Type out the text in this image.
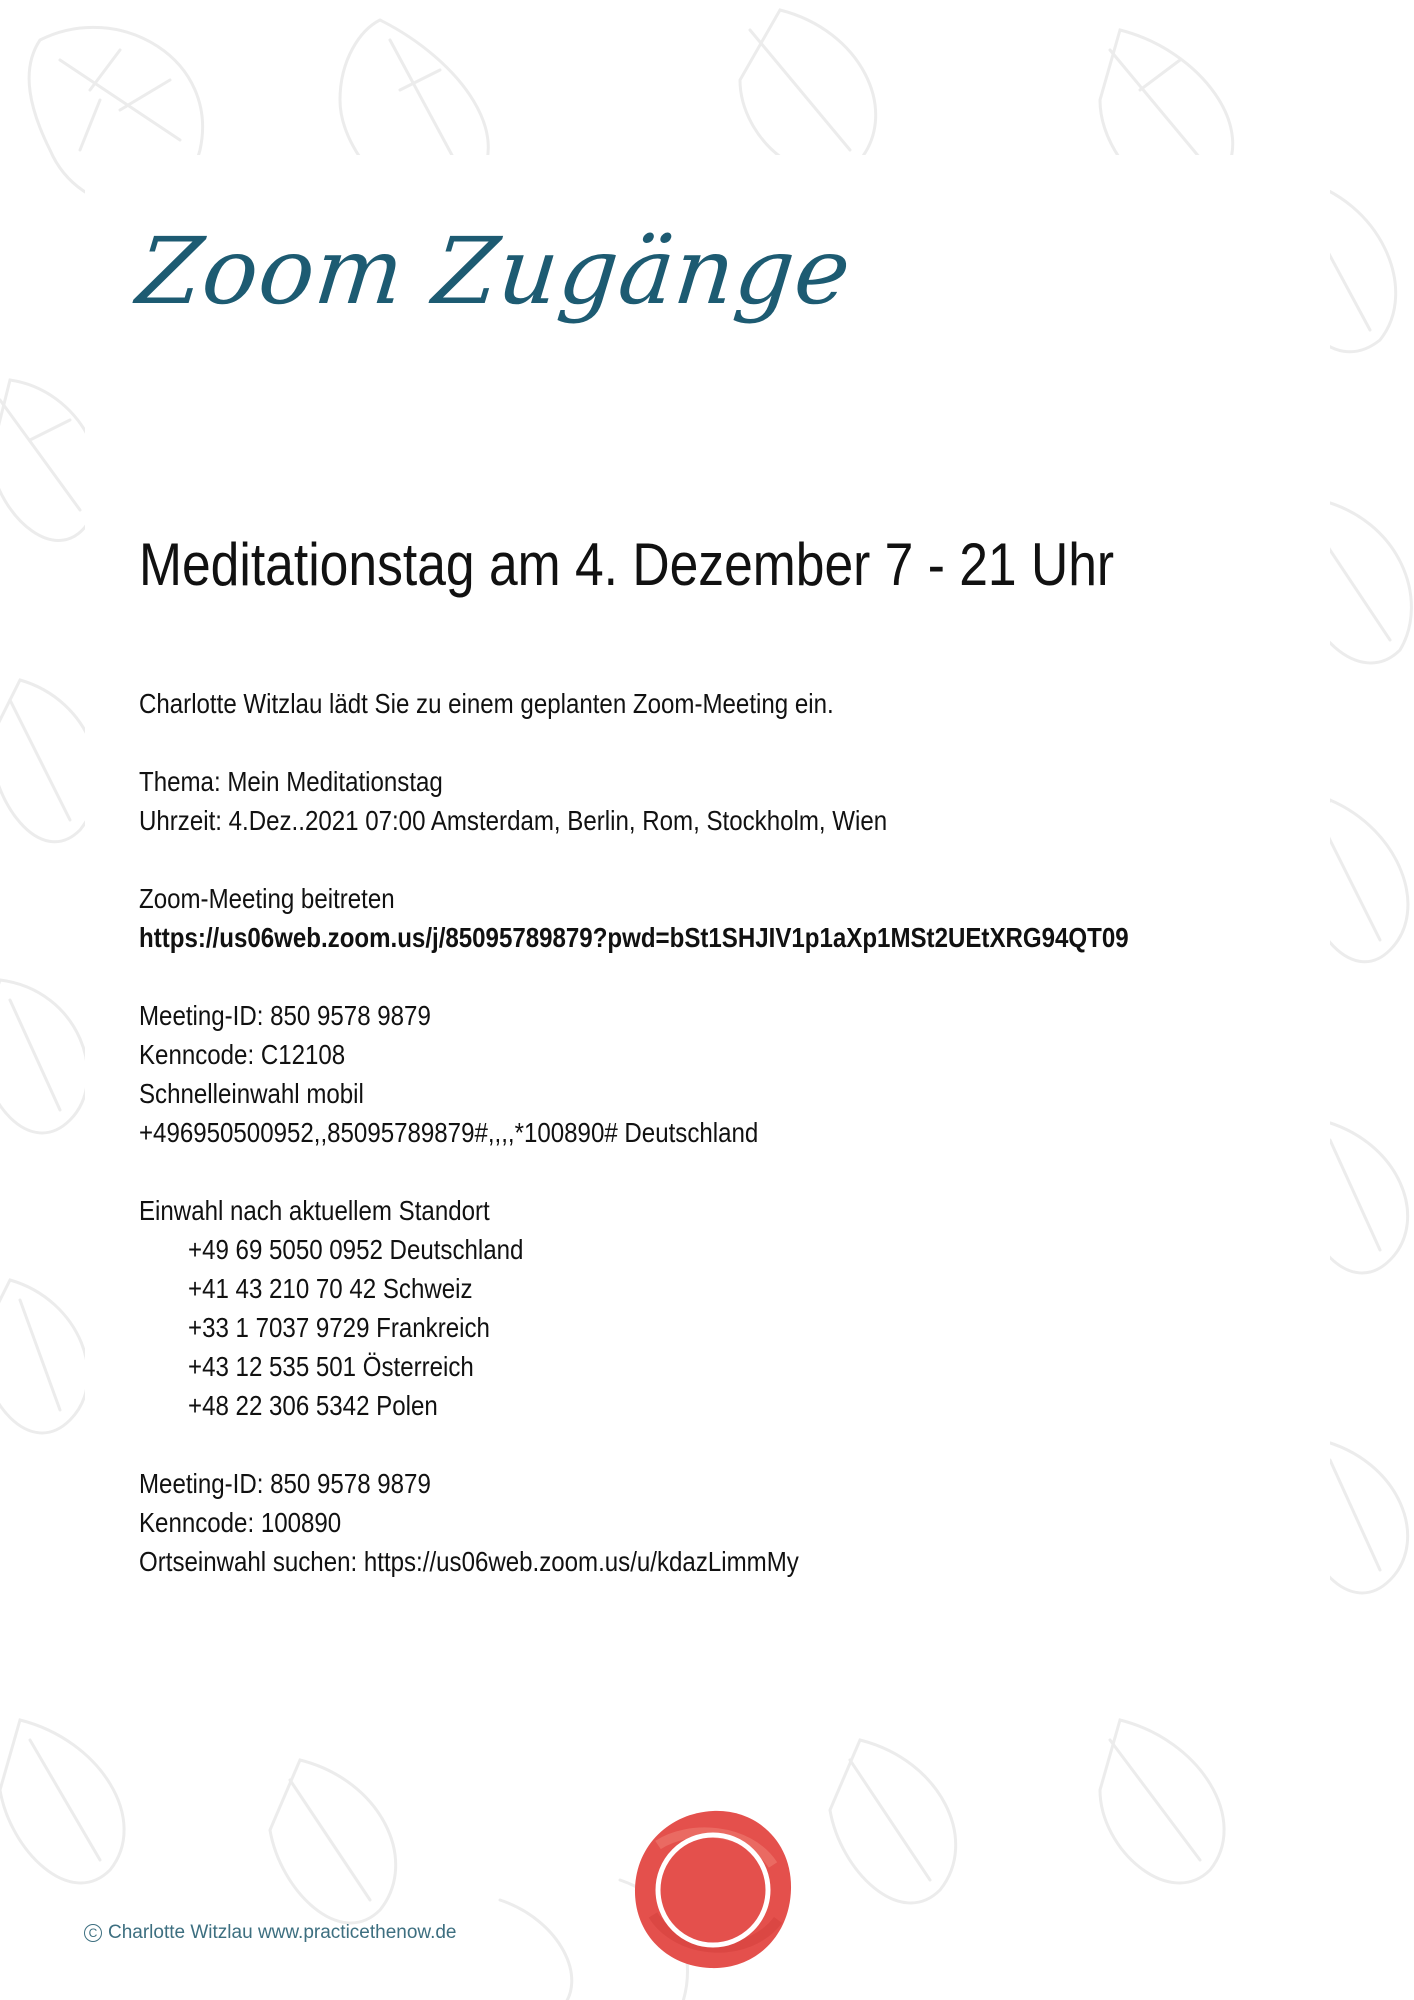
Zoom Zugänge
Meditationstag am 4. Dezember 7 - 21 Uhr
Charlotte Witzlau lädt Sie zu einem geplanten Zoom-Meeting ein.
Thema: Mein Meditationstag
Uhrzeit: 4.Dez..2021 07:00 Amsterdam, Berlin, Rom, Stockholm, Wien
Zoom-Meeting beitreten
https://us06web.zoom.us/j/85095789879?pwd=bSt1SHJIV1p1aXp1MSt2UEtXRG94QT09
Meeting-ID: 850 9578 9879
Kenncode: C12108
Schnelleinwahl mobil
+496950500952,,85095789879#,,,,*100890# Deutschland
Einwahl nach aktuellem Standort
+49 69 5050 0952 Deutschland
+41 43 210 70 42 Schweiz
+33 1 7037 9729 Frankreich
+43 12 535 501 Österreich
+48 22 306 5342 Polen
Meeting-ID: 850 9578 9879
Kenncode: 100890
Ortseinwahl suchen: https://us06web.zoom.us/u/kdazLimmMy
C Charlotte Witzlau www.practicethenow.de
